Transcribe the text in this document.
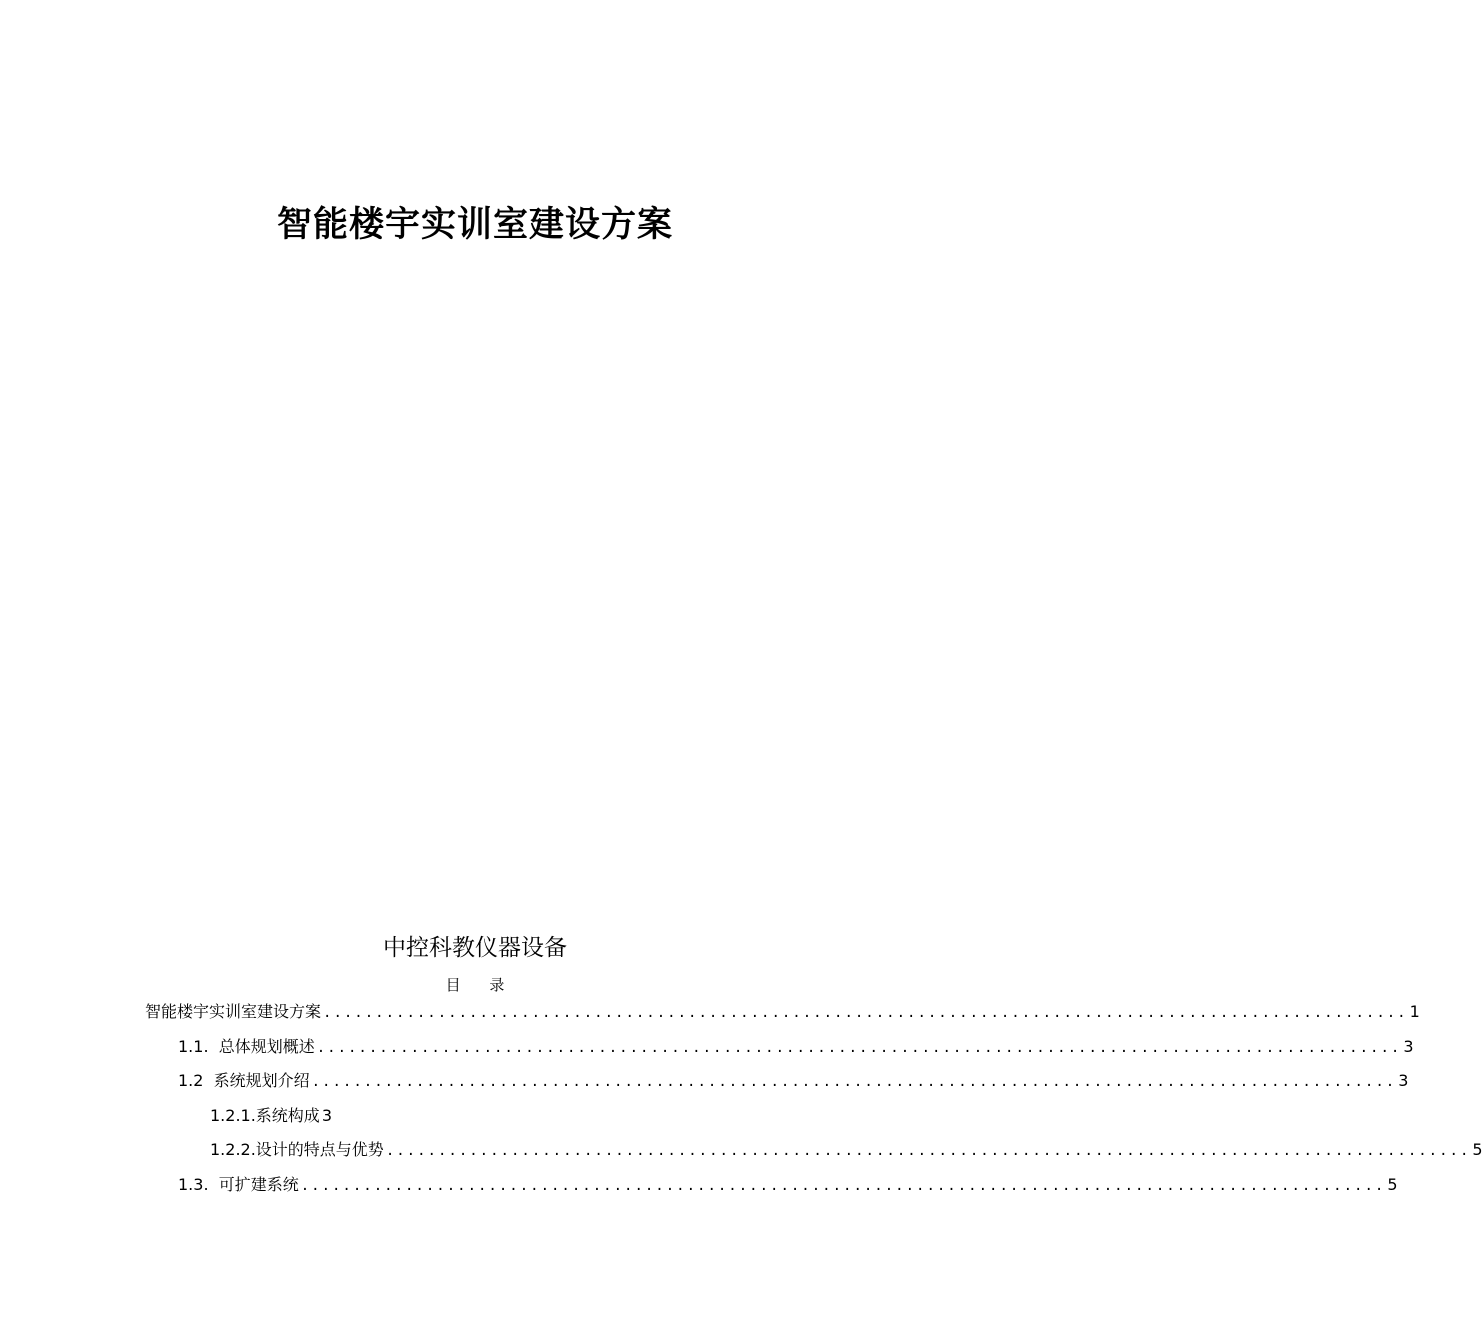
智能楼宇实训室建设方案
中控科教仪器设备
目 录
智能楼宇实训室建设方案 ........................................................................................................ 1
1.1.  总体规划概述 ........................................................................................................ 3
1.2  系统规划介绍 ........................................................................................................ 3
1.2.1.系统构成 3
1.2.2.设计的特点与优势 ........................................................................................................ 5
1.3.  可扩建系统 ........................................................................................................ 5
